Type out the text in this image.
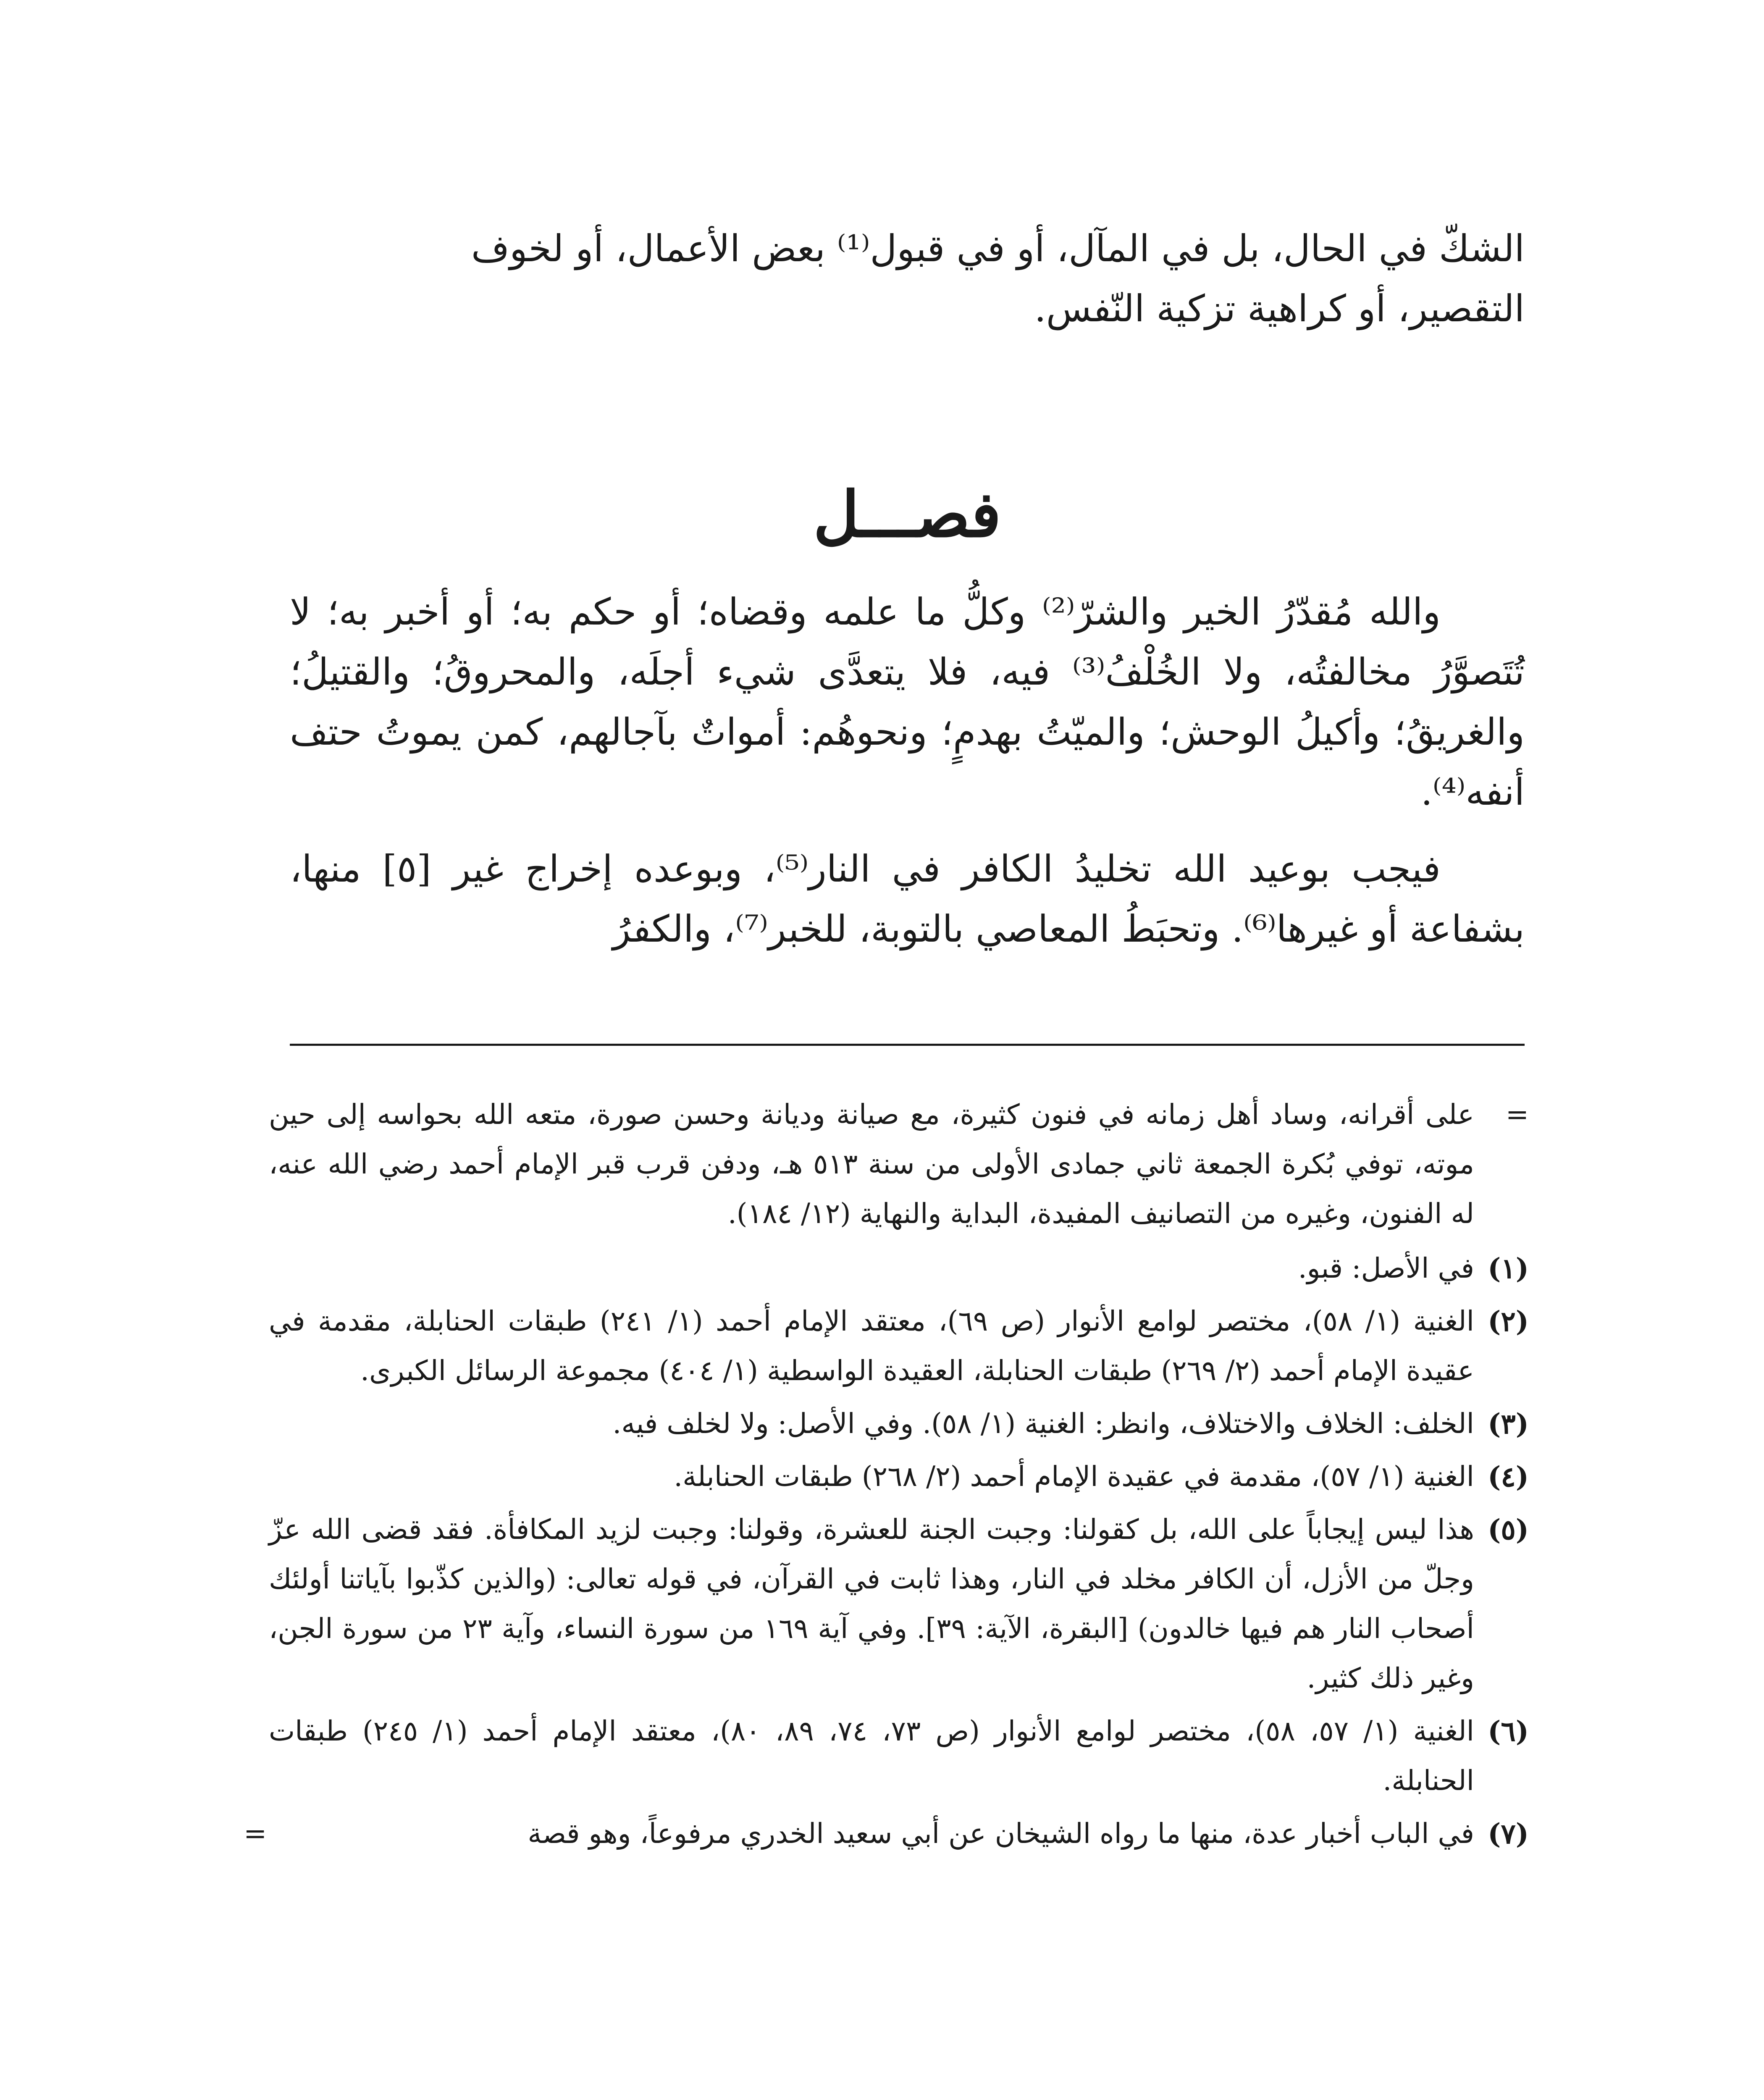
الشكّ في الحال، بل في المآل، أو في قبول⁽¹⁾ بعض الأعمال، أو لخوف

التقصير، أو كراهية تزكية النّفس.

فصـــل

والله مُقدّرُ الخير والشرّ⁽²⁾ وكلُّ ما علمه وقضاه؛ أو حكم به؛ أو أخبر به؛ لا تُتَصوَّرُ مخالفتُه، ولا الخُلْفُ⁽³⁾ فيه، فلا يتعدَّى شيء أجلَه، والمحروقُ؛ والقتيلُ؛ والغريقُ؛ وأكيلُ الوحش؛ والميّتُ بهدمٍ؛ ونحوهُم: أمواتٌ بآجالهم، كمن يموتُ حتف أنفه⁽⁴⁾.

فيجب بوعيد الله تخليدُ الكافر في النار⁽⁵⁾، وبوعده إخراج غير [٥] منها، بشفاعة أو غيرها⁽⁶⁾. وتحبَطُ المعاصي بالتوبة، للخبر⁽⁷⁾، والكفرُ

=
على أقرانه، وساد أهل زمانه في فنون كثيرة، مع صيانة وديانة وحسن صورة، متعه الله بحواسه إلى حين موته، توفي بُكرة الجمعة ثاني جمادى الأولى من سنة ٥١٣ هـ، ودفن قرب قبر الإمام أحمد رضي الله عنه، له الفنون، وغيره من التصانيف المفيدة، البداية والنهاية (١٢/ ١٨٤).
(١)
في الأصل: قبو.
(٢)
الغنية (١/ ٥٨)، مختصر لوامع الأنوار (ص ٦٩)، معتقد الإمام أحمد (١/ ٢٤١) طبقات الحنابلة، مقدمة في عقيدة الإمام أحمد (٢/ ٢٦٩) طبقات الحنابلة، العقيدة الواسطية (١/ ٤٠٤) مجموعة الرسائل الكبرى.
(٣)
الخلف: الخلاف والاختلاف، وانظر: الغنية (١/ ٥٨). وفي الأصل: ولا لخلف فيه.
(٤)
الغنية (١/ ٥٧)، مقدمة في عقيدة الإمام أحمد (٢/ ٢٦٨) طبقات الحنابلة.
(٥)
هذا ليس إيجاباً على الله، بل كقولنا: وجبت الجنة للعشرة، وقولنا: وجبت لزيد المكافأة. فقد قضى الله عزّ وجلّ من الأزل، أن الكافر مخلد في النار، وهذا ثابت في القرآن، في قوله تعالى: (والذين كذّبوا بآياتنا أولئك أصحاب النار هم فيها خالدون) [البقرة، الآية: ٣٩]. وفي آية ١٦٩ من سورة النساء، وآية ٢٣ من سورة الجن، وغير ذلك كثير.
(٦)
الغنية (١/ ٥٧، ٥٨)، مختصر لوامع الأنوار (ص ٧٣، ٧٤، ٨٩، ٨٠)، معتقد الإمام أحمد (١/ ٢٤٥) طبقات الحنابلة.
(٧)
في الباب أخبار عدة، منها ما رواه الشيخان عن أبي سعيد الخدري مرفوعاً، وهو قصة
=
